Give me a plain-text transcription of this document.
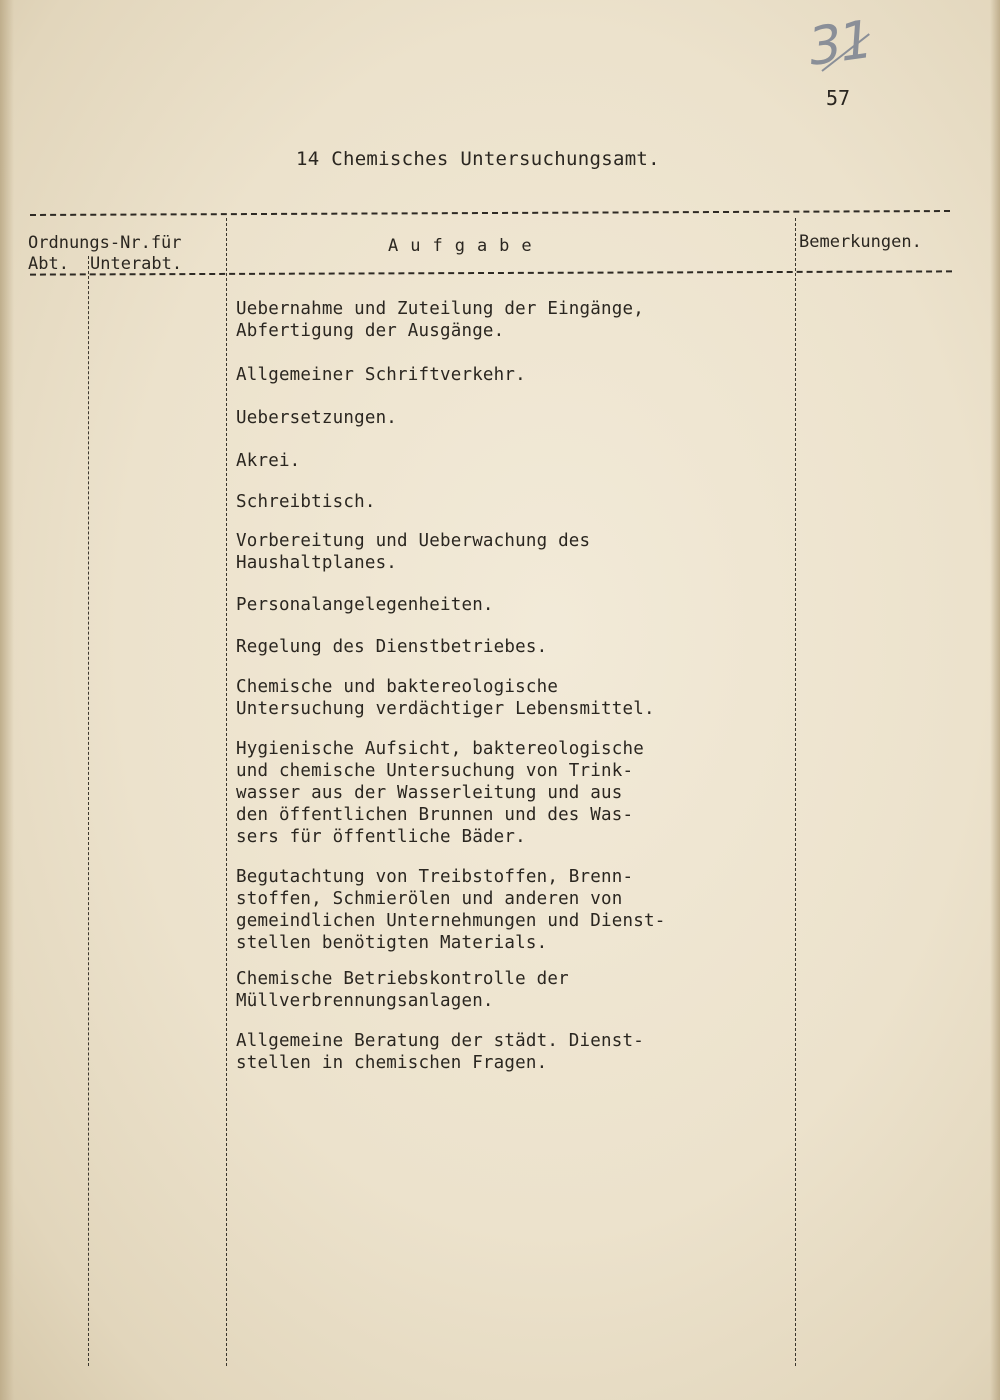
31
57
14 Chemisches Untersuchungsamt.
Ordnungs-Nr.für
Abt. Unterabt.
Aufgabe	Bemerkungen.
Uebernahme und Zuteilung der Eingänge,
Abfertigung der Ausgänge.
Allgemeiner Schriftverkehr.
Uebersetzungen.
Akrei.
Schreibtisch.
Vorbereitung und Ueberwachung des
Haushaltplanes.
Personalangelegenheiten.
Regelung des Dienstbetriebes.
Chemische und baktereologische
Untersuchung verdächtiger Lebensmittel.
Hygienische Aufsicht, baktereologische
und chemische Untersuchung von Trink-
wasser aus der Wasserleitung und aus
den öffentlichen Brunnen und des Was-
sers für öffentliche Bäder.
Begutachtung von Treibstoffen, Brenn-
stoffen, Schmierölen und anderen von
gemeindlichen Unternehmungen und Dienst-
stellen benötigten Materials.
Chemische Betriebskontrolle der
Müllverbrennungsanlagen.
Allgemeine Beratung der städt. Dienst-
stellen in chemischen Fragen.
